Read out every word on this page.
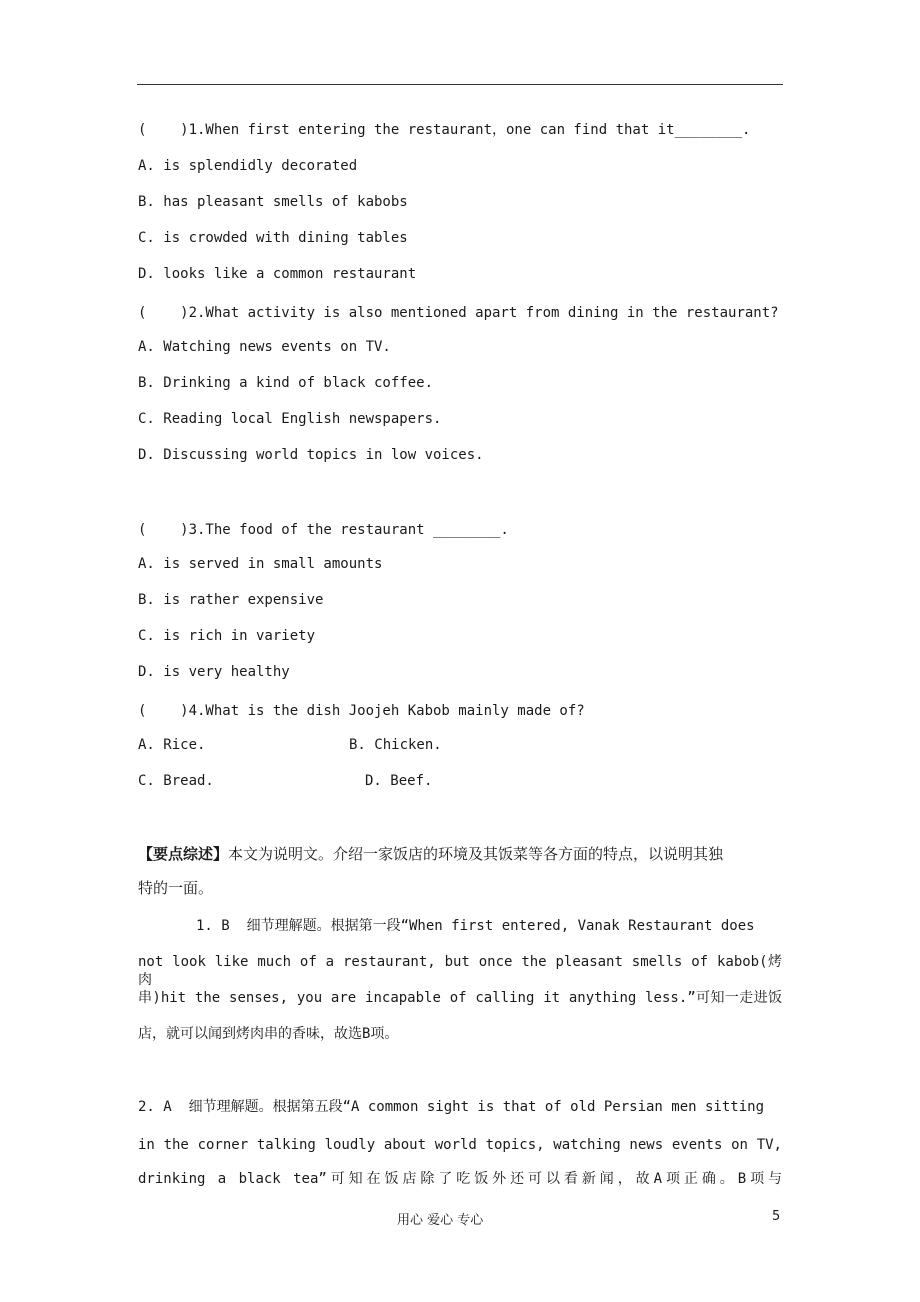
(    )1.When first entering the restaurant，one can find that it________.
A. is splendidly decorated
B. has pleasant smells of kabobs
C. is crowded with dining tables
D. looks like a common restaurant
(    )2.What activity is also mentioned apart from dining in the restaurant?
A. Watching news events on TV.
B. Drinking a kind of black coffee.
C. Reading local English newspapers.
D. Discussing world topics in low voices.
(    )3.The food of the restaurant ________.
A. is served in small amounts
B. is rather expensive
C. is rich in variety
D. is very healthy
(    )4.What is the dish Joojeh Kabob mainly made of?
A. Rice.	B. Chicken.
C. Bread.	D. Beef.
【要点综述】本文为说明文。介绍一家饭店的环境及其饭菜等各方面的特点，以说明其独
特的一面。
1. B  细节理解题。根据第一段“When first entered, Vanak Restaurant does
not look like much of a restaurant, but once the pleasant smells of kabob(烤肉
串)hit the senses, you are incapable of calling it anything less.”可知一走进饭
店，就可以闻到烤肉串的香味，故选B项。
2. A  细节理解题。根据第五段“A common sight is that of old Persian men sitting
in the corner talking loudly about world topics, watching news events on TV,
drinking a black tea”可知在饭店除了吃饭外还可以看新闻，故A项正确。B项与
用心 爱心 专心	5
